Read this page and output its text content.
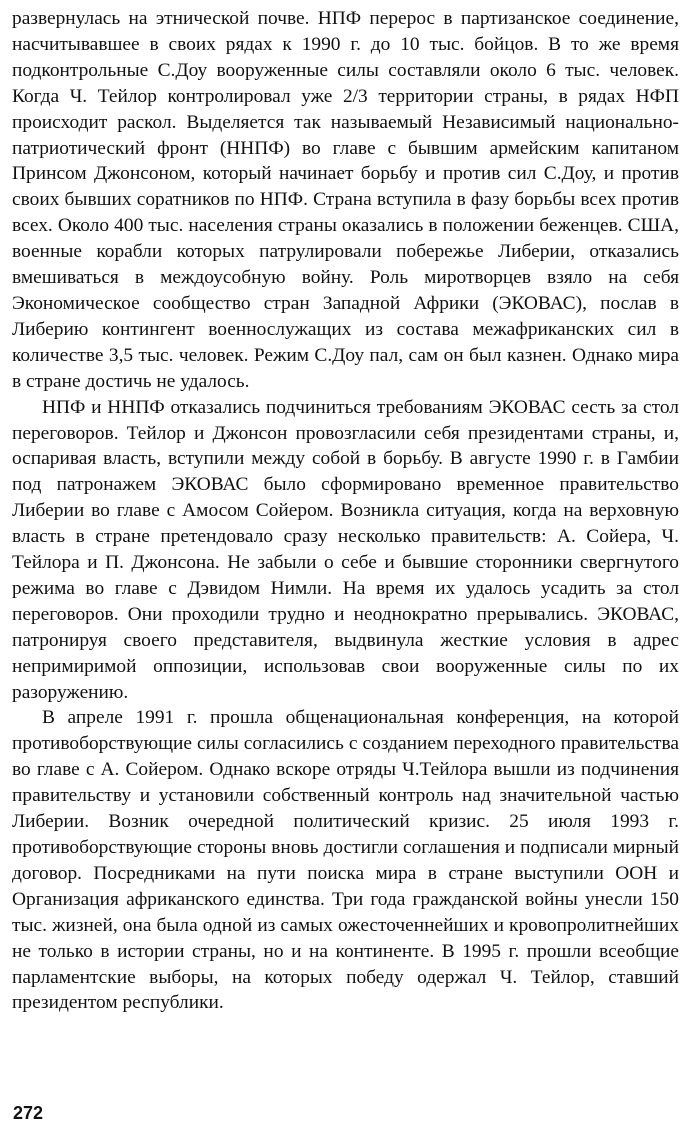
развернулась на этнической почве. НПФ перерос в партизанское соединение, насчитывавшее в своих рядах к 1990 г. до 10 тыс. бойцов. В то же время подконтрольные С.Доу вооруженные силы составляли около 6 тыс. человек. Когда Ч. Тейлор контролировал уже 2/3 территории страны, в рядах НФП происходит раскол. Выделяется так называемый Независимый национально-патриотический фронт (ННПФ) во главе с бывшим армейским капитаном Принсом Джонсоном, который начинает борьбу и против сил С.Доу, и против своих бывших соратников по НПФ. Страна вступила в фазу борьбы всех против всех. Около 400 тыс. населения страны оказались в положении беженцев. США, военные корабли которых патрулировали побережье Либерии, отказались вмешиваться в междоусобную войну. Роль миротворцев взяло на себя Экономическое сообщество стран Западной Африки (ЭКОВАС), послав в Либерию контингент военнослужащих из состава межафриканских сил в количестве 3,5 тыс. человек. Режим С.Доу пал, сам он был казнен. Однако мира в стране достичь не удалось.

НПФ и ННПФ отказались подчиниться требованиям ЭКОВАС сесть за стол переговоров. Тейлор и Джонсон провозгласили себя президентами страны, и, оспаривая власть, вступили между собой в борьбу. В августе 1990 г. в Гамбии под патронажем ЭКОВАС было сформировано временное правительство Либерии во главе с Амосом Сойером. Возникла ситуация, когда на верховную власть в стране претендовало сразу несколько правительств: А. Сойера, Ч. Тейлора и П. Джонсона. Не забыли о себе и бывшие сторонники свергнутого режима во главе с Дэвидом Нимли. На время их удалось усадить за стол переговоров. Они проходили трудно и неоднократно прерывались. ЭКОВАС, патронируя своего представителя, выдвинула жесткие условия в адрес непримиримой оппозиции, использовав свои вооруженные силы по их разоружению.

В апреле 1991 г. прошла общенациональная конференция, на которой противоборствующие силы согласились с созданием переходного правительства во главе с А. Сойером. Однако вскоре отряды Ч.Тейлора вышли из подчинения правительству и установили собственный контроль над значительной частью Либерии. Возник очередной политический кризис. 25 июля 1993 г. противоборствующие стороны вновь достигли соглашения и подписали мирный договор. Посредниками на пути поиска мира в стране выступили ООН и Организация африканского единства. Три года гражданской войны унесли 150 тыс. жизней, она была одной из самых ожесточеннейших и кровопролитнейших не только в истории страны, но и на континенте. В 1995 г. прошли всеобщие парламентские выборы, на которых победу одержал Ч. Тейлор, ставший президентом республики.

272
